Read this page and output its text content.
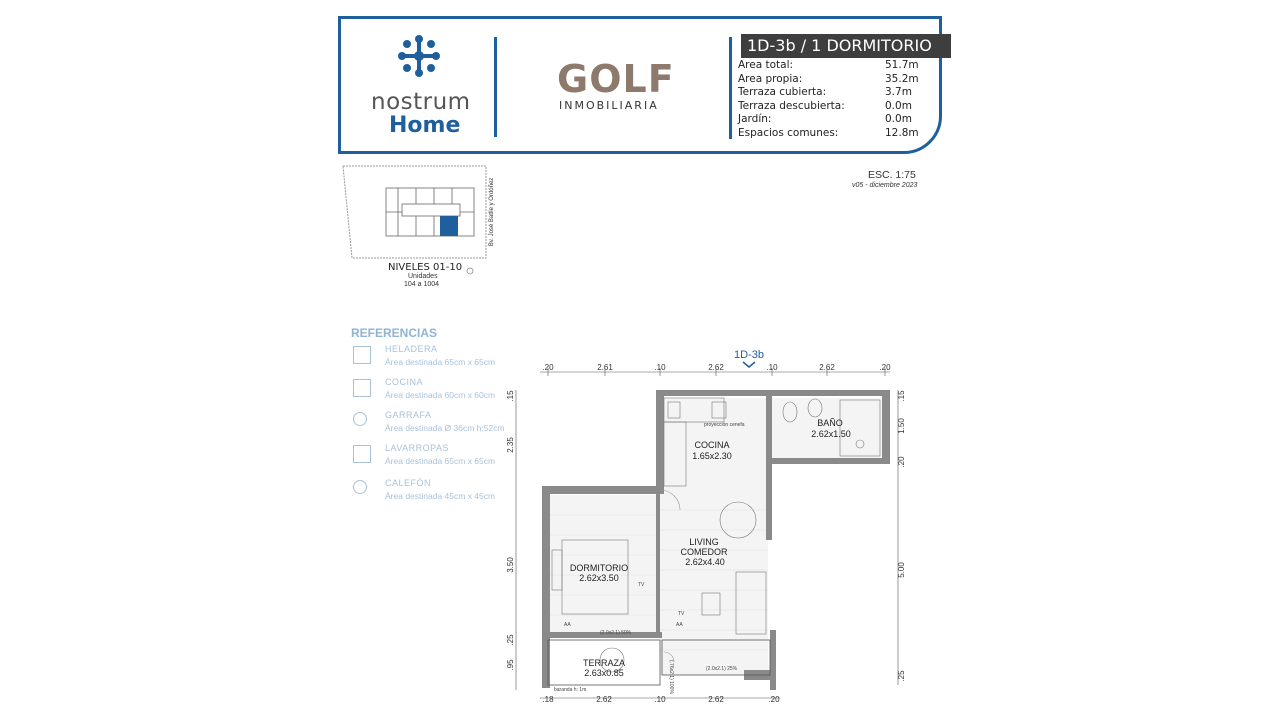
nostrum
Home
GOLF
INMOBILIARIA
1D-3b / 1 DORMITORIO
Area total:	51.7m
Area propia:	35.2m
Terraza cubierta:	3.7m
Terraza descubierta:	0.0m
Jardín:	0.0m
Espacios comunes:	12.8m
ESC. 1:75
v05 - diciembre 2023
Bv. José Batlle y Ordóñez
NIVELES 01-10
Unidades
104 a 1004
REFERENCIAS
HELADERA
Área destinada 65cm x 65cm
COCINA
Área destinada 60cm x 60cm
GARRAFA
Área destinada Ø 36cm h:52cm
LAVARROPAS
Área destinada 65cm x 65cm
CALEFÓN
Área destinada 45cm x 45cm
1D-3b
COCINA
1.65x2.30
BAÑO
2.62x1.50
LIVING
COMEDOR
2.62x4.40
DORMITORIO
2.62x3.50
TERRAZA
2.63x0.85
proyección cenefa
(2.0x2.1) 50%
(2.0x2.1) 25%
(.76x2.1) 100%
baranda h: 1m
TV
TV
AA	AA
.20	2.61	.10	2.62	.10	2.62	.20
.18	2.62	.10	2.62	.20
.15
2.35
3.50
.25
.95
.15
1.50
.20
5.00
.25
